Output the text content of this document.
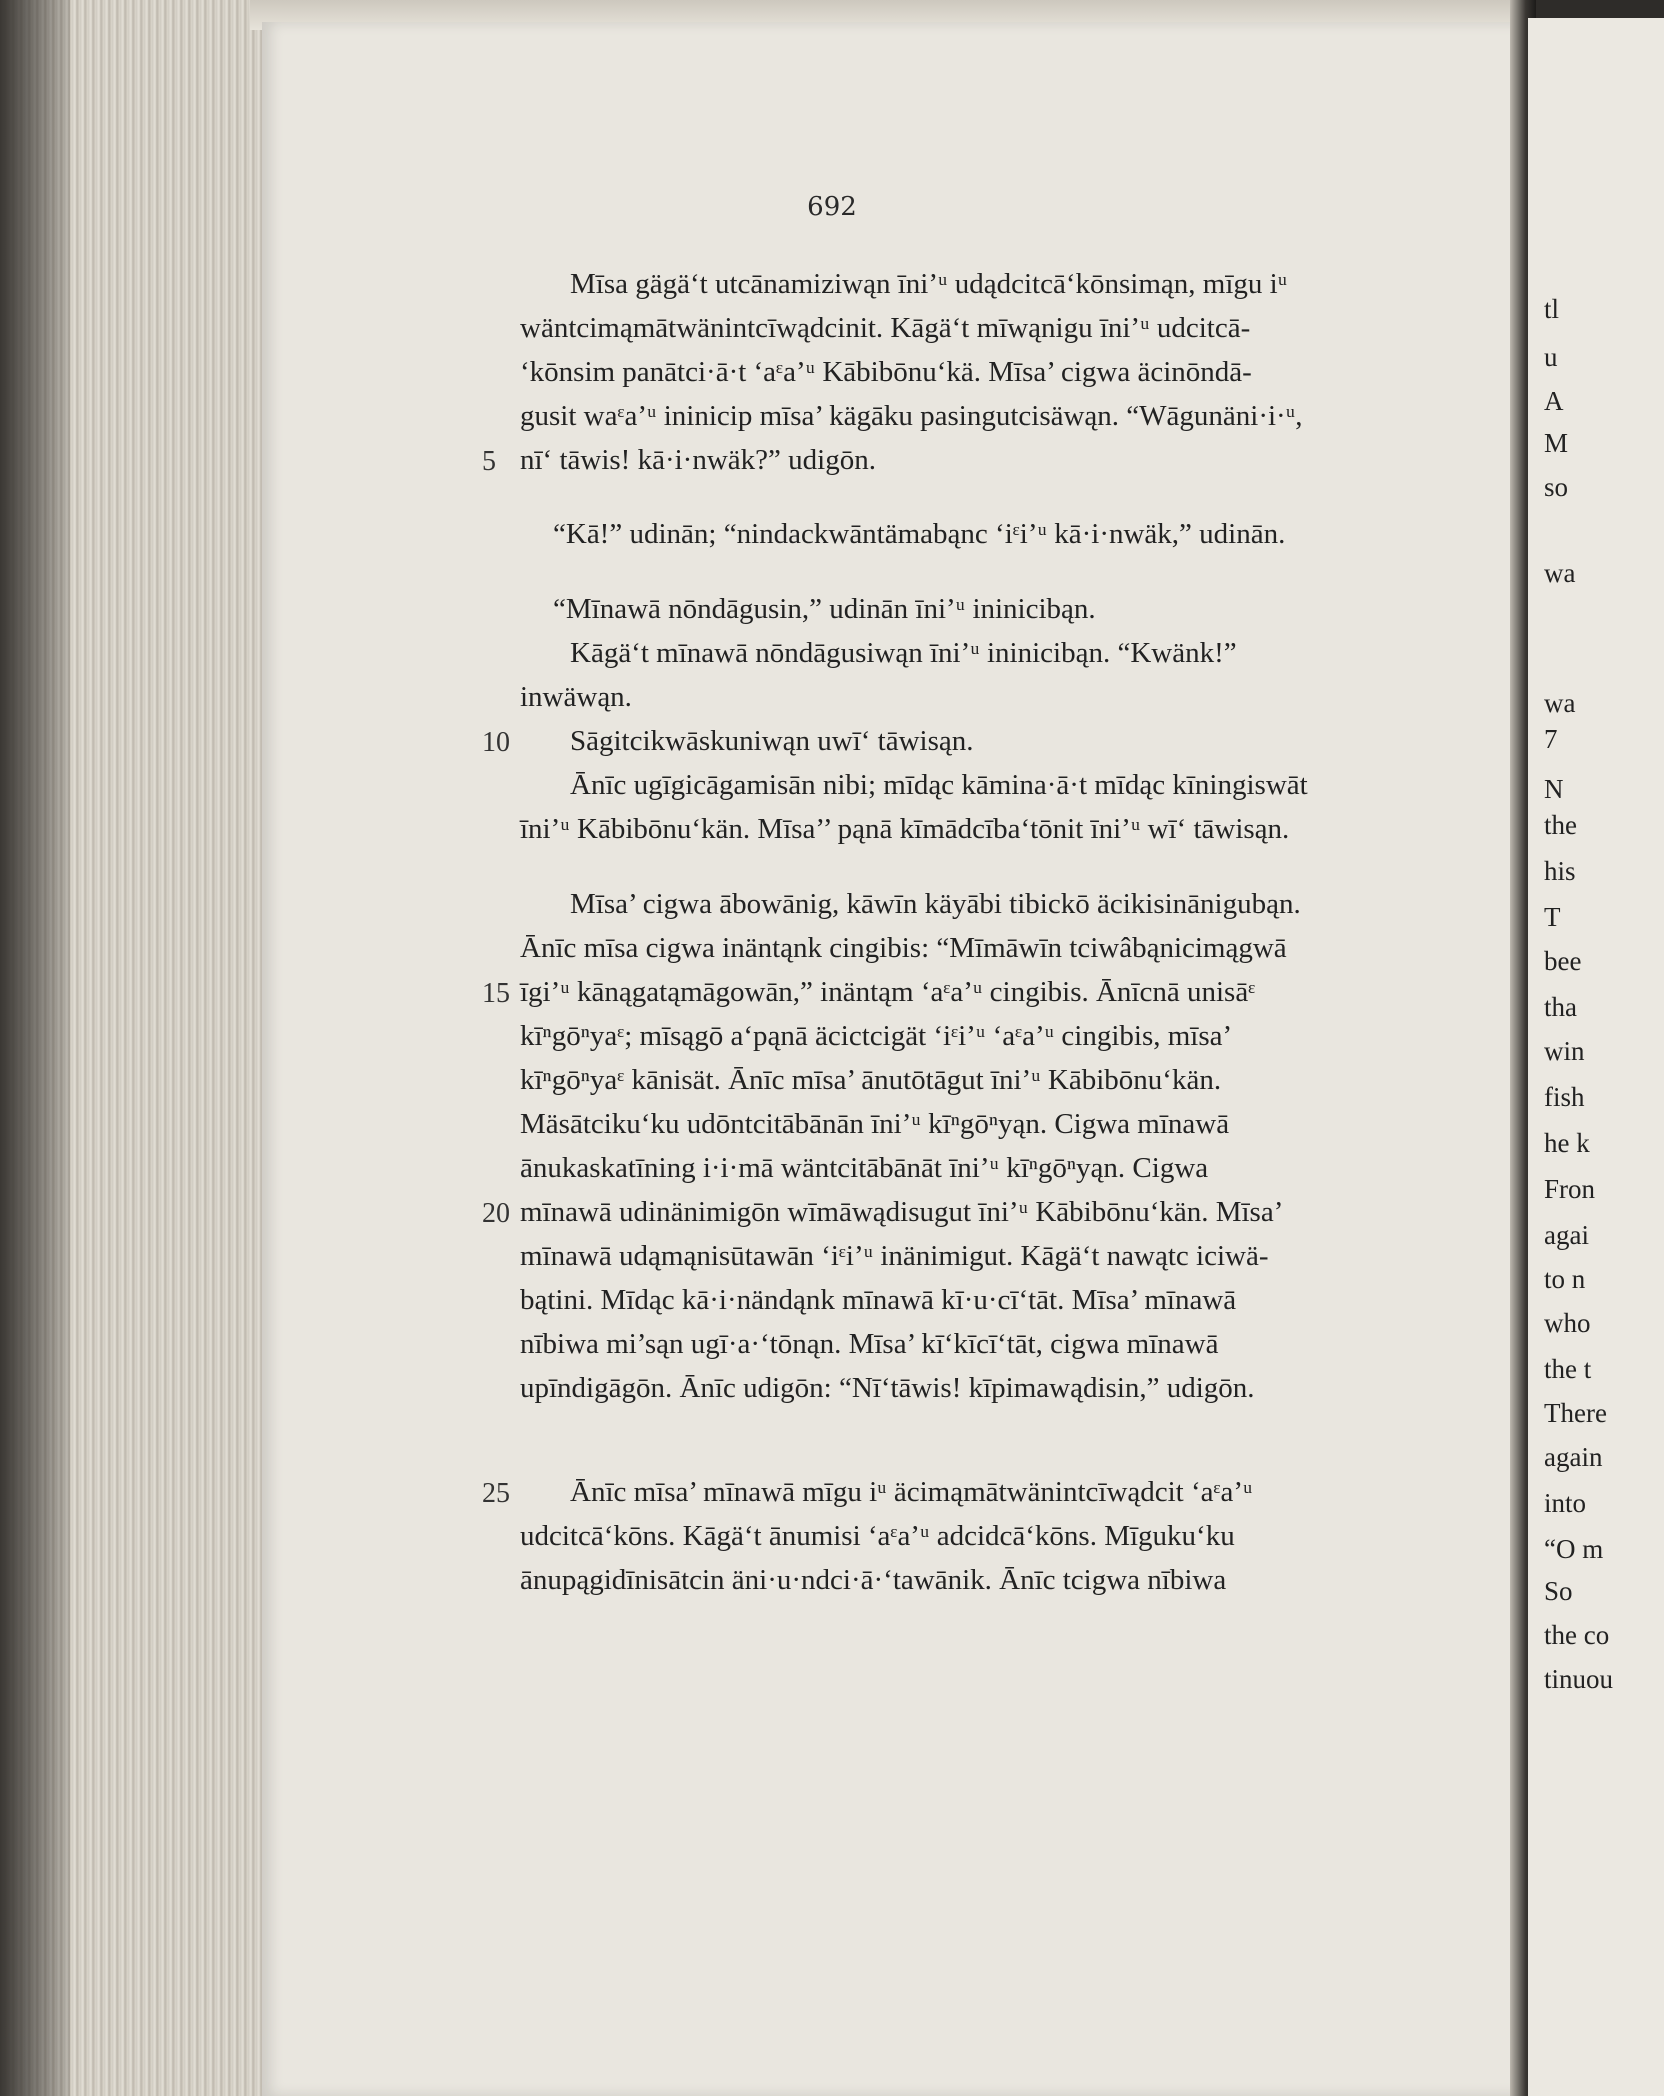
tl
u
A
M
so
wa
wa
7
N
the
his
T
bee
tha
win
fish
he k
Fron
agai
to n
who
the t
There
again
into
“O m
So
the co
tinuou
692
Mīsa gägä‘t utcānamiziwąn īni’ᵘ udądcitcā‘kōnsimąn, mīgu iᵘ
wäntcimąmātwänintcīwądcinit. Kāgä‘t mīwąnigu īni’ᵘ udcitcā-
‘kōnsim panātci·ā·t ‘aᵋa’ᵘ Kābibōnu‘kä. Mīsa’ cigwa äcinōndā-
gusit waᵋa’ᵘ ininicip mīsa’ kägāku pasingutcisäwąn. “Wāgunäni·i·ᵘ,
nī‘ tāwis! kā·i·nwäk?” udigōn.
5
“Kā!” udinān; “nindackwāntämabąnc ‘iᵋi’ᵘ kā·i·nwäk,” udinān.
“Mīnawā nōndāgusin,” udinān īni’ᵘ ininicibąn.
Kāgä‘t mīnawā nōndāgusiwąn īni’ᵘ ininicibąn. “Kwänk!”
inwäwąn.
Sāgitcikwāskuniwąn uwī‘ tāwisąn.
10
Ānīc ugīgicāgamisān nibi; mīdąc kāmina·ā·t mīdąc kīningiswāt
īni’ᵘ Kābibōnu‘kän. Mīsa’’ pąnā kīmādcība‘tōnit īni’ᵘ wī‘ tāwisąn.
Mīsa’ cigwa ābowānig, kāwīn käyābi tibickō äcikisinānigubąn.
Ānīc mīsa cigwa inäntąnk cingibis: “Mīmāwīn tciwâbąnicimągwā
īgi’ᵘ kānągatąmāgowān,” inäntąm ‘aᵋa’ᵘ cingibis. Ānīcnā unisāᵋ
15
kīⁿgōⁿyaᵋ; mīsągō a‘pąnā äcictcigät ‘iᵋi’ᵘ ‘aᵋa’ᵘ cingibis, mīsa’
kīⁿgōⁿyaᵋ kānisät. Ānīc mīsa’ ānutōtāgut īni’ᵘ Kābibōnu‘kän.
Mäsātciku‘ku udōntcitābānān īni’ᵘ kīⁿgōⁿyąn. Cigwa mīnawā
ānukaskatīning i·i·mā wäntcitābānāt īni’ᵘ kīⁿgōⁿyąn. Cigwa
mīnawā udinänimigōn wīmāwądisugut īni’ᵘ Kābibōnu‘kän. Mīsa’
20
mīnawā udąmąnisūtawān ‘iᵋi’ᵘ inänimigut. Kāgä‘t nawątc iciwä-
bątini. Mīdąc kā·i·nändąnk mīnawā kī·u·cī‘tāt. Mīsa’ mīnawā
nībiwa mi’sąn ugī·a·‘tōnąn. Mīsa’ kī‘kīcī‘tāt, cigwa mīnawā
upīndigāgōn. Ānīc udigōn: “Nī‘tāwis! kīpimawądisin,” udigōn.
Ānīc mīsa’ mīnawā mīgu iᵘ äcimąmātwänintcīwądcit ‘aᵋa’ᵘ
25
udcitcā‘kōns. Kāgä‘t ānumisi ‘aᵋa’ᵘ adcidcā‘kōns. Mīguku‘ku
ānupągidīnisātcin äni·u·ndci·ā·‘tawānik. Ānīc tcigwa nībiwa
